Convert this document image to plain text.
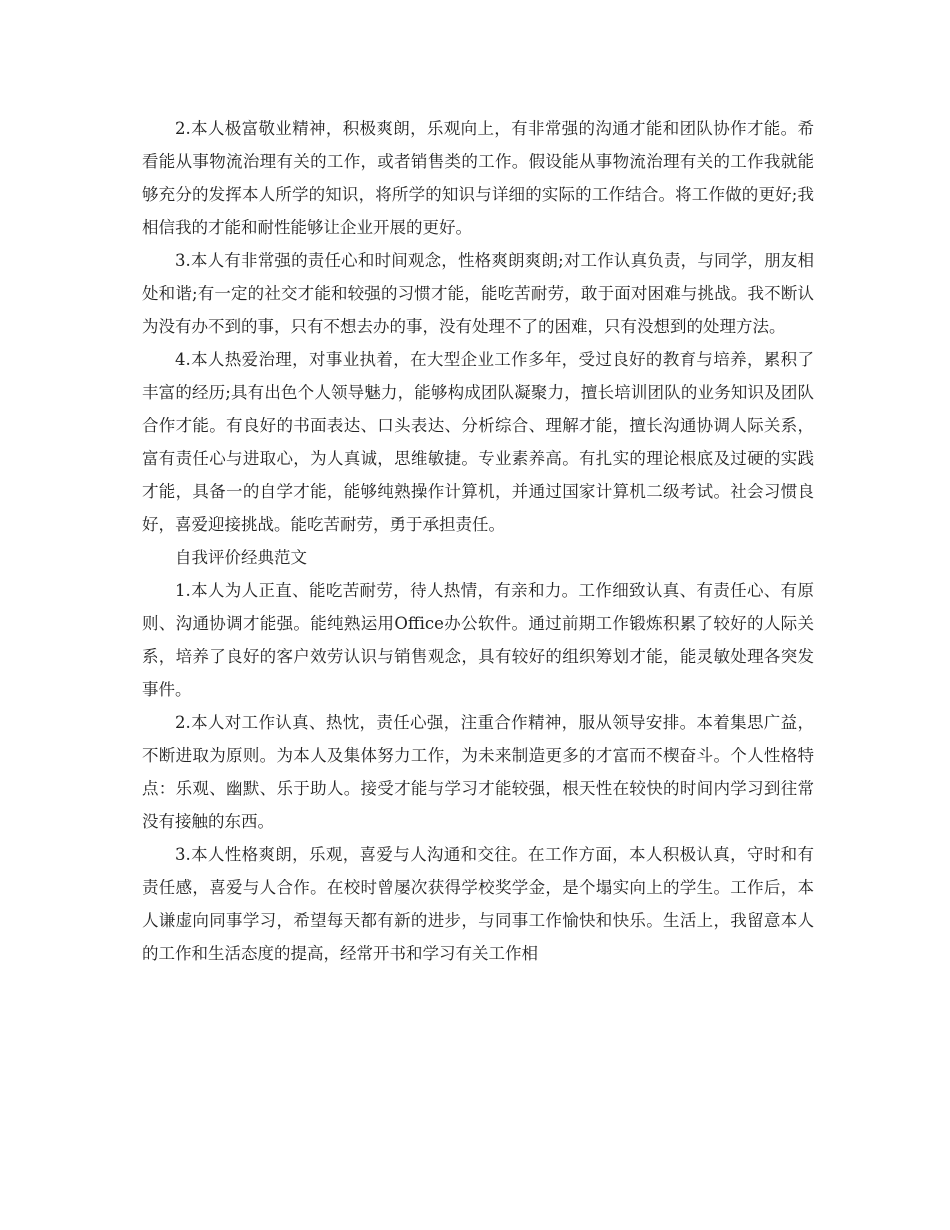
2.本人极富敬业精神，积极爽朗，乐观向上，有非常强的沟通才能和团队协作才能。希看能从事物流治理有关的工作，或者销售类的工作。假设能从事物流治理有关的工作我就能够充分的发挥本人所学的知识，将所学的知识与详细的实际的工作结合。将工作做的更好;我相信我的才能和耐性能够让企业开展的更好。

3.本人有非常强的责任心和时间观念，性格爽朗爽朗;对工作认真负责，与同学，朋友相处和谐;有一定的社交才能和较强的习惯才能，能吃苦耐劳，敢于面对困难与挑战。我不断认为没有办不到的事，只有不想去办的事，没有处理不了的困难，只有没想到的处理方法。

4.本人热爱治理，对事业执着，在大型企业工作多年，受过良好的教育与培养，累积了丰富的经历;具有出色个人领导魅力，能够构成团队凝聚力，擅长培训团队的业务知识及团队合作才能。有良好的书面表达、口头表达、分析综合、理解才能，擅长沟通协调人际关系，富有责任心与进取心，为人真诚，思维敏捷。专业素养高。有扎实的理论根底及过硬的实践才能，具备一的自学才能，能够纯熟操作计算机，并通过国家计算机二级考试。社会习惯良好，喜爱迎接挑战。能吃苦耐劳，勇于承担责任。

自我评价经典范文

1.本人为人正直、能吃苦耐劳，待人热情，有亲和力。工作细致认真、有责任心、有原则、沟通协调才能强。能纯熟运用Office办公软件。通过前期工作锻炼积累了较好的人际关系，培养了良好的客户效劳认识与销售观念，具有较好的组织筹划才能，能灵敏处理各突发事件。

2.本人对工作认真、热忱，责任心强，注重合作精神，服从领导安排。本着集思广益，不断进取为原则。为本人及集体努力工作，为未来制造更多的才富而不楔奋斗。个人性格特点：乐观、幽默、乐于助人。接受才能与学习才能较强，根天性在较快的时间内学习到往常没有接触的东西。

3.本人性格爽朗，乐观，喜爱与人沟通和交往。在工作方面，本人积极认真，守时和有责任感，喜爱与人合作。在校时曾屡次获得学校奖学金，是个塌实向上的学生。工作后，本人谦虚向同事学习，希望每天都有新的进步，与同事工作愉快和快乐。生活上，我留意本人的工作和生活态度的提高，经常开书和学习有关工作相
